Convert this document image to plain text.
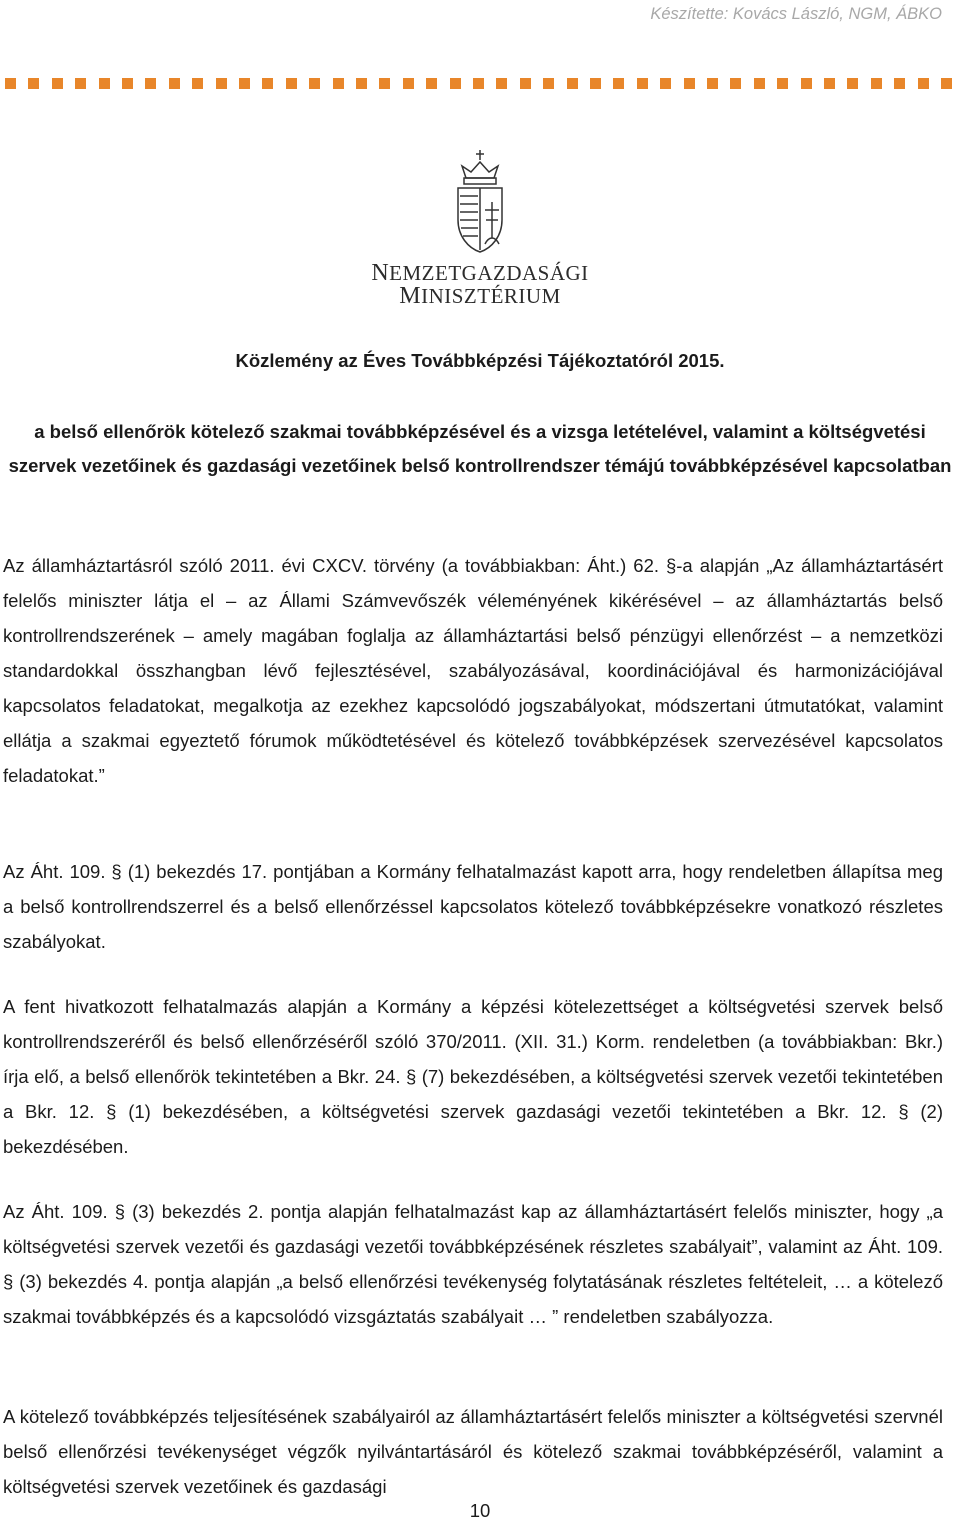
Készítette: Kovács László, NGM, ÁBKO
NEMZETGAZDASÁGI
MINISZTÉRIUM
Közlemény az Éves Továbbképzési Tájékoztatóról 2015.
a belső ellenőrök kötelező szakmai továbbképzésével és a vizsga letételével, valamint a költségvetési szervek vezetőinek és gazdasági vezetőinek belső kontrollrendszer témájú továbbképzésével kapcsolatban
Az államháztartásról szóló 2011. évi CXCV. törvény (a továbbiakban: Áht.) 62. §-a alapján „Az államháztartásért felelős miniszter látja el – az Állami Számvevőszék véleményének kikérésével – az államháztartás belső kontrollrendszerének – amely magában foglalja az államháztartási belső pénzügyi ellenőrzést – a nemzetközi standardokkal összhangban lévő fejlesztésével, szabályozásával, koordinációjával és harmonizációjával kapcsolatos feladatokat, megalkotja az ezekhez kapcsolódó jogszabályokat, módszertani útmutatókat, valamint ellátja a szakmai egyeztető fórumok működtetésével és kötelező továbbképzések szervezésével kapcsolatos feladatokat.”
Az Áht. 109. § (1) bekezdés 17. pontjában a Kormány felhatalmazást kapott arra, hogy rendeletben állapítsa meg a belső kontrollrendszerrel és a belső ellenőrzéssel kapcsolatos kötelező továbbképzésekre vonatkozó részletes szabályokat.
A fent hivatkozott felhatalmazás alapján a Kormány a képzési kötelezettséget a költségvetési szervek belső kontrollrendszeréről és belső ellenőrzéséről szóló 370/2011. (XII. 31.) Korm. rendeletben (a továbbiakban: Bkr.) írja elő, a belső ellenőrök tekintetében a Bkr. 24. § (7) bekezdésében, a költségvetési szervek vezetői tekintetében a Bkr. 12. § (1) bekezdésében, a költségvetési szervek gazdasági vezetői tekintetében a Bkr. 12. § (2) bekezdésében.
Az Áht. 109. § (3) bekezdés 2. pontja alapján felhatalmazást kap az államháztartásért felelős miniszter, hogy „a költségvetési szervek vezetői és gazdasági vezetői továbbképzésének részletes szabályait”, valamint az Áht. 109. § (3) bekezdés 4. pontja alapján „a belső ellenőrzési tevékenység folytatásának részletes feltételeit, … a kötelező szakmai továbbképzés és a kapcsolódó vizsgáztatás szabályait … ” rendeletben szabályozza.
A kötelező továbbképzés teljesítésének szabályairól az államháztartásért felelős miniszter a költségvetési szervnél belső ellenőrzési tevékenységet végzők nyilvántartásáról és kötelező szakmai továbbképzéséről, valamint a költségvetési szervek vezetőinek és gazdasági
10
